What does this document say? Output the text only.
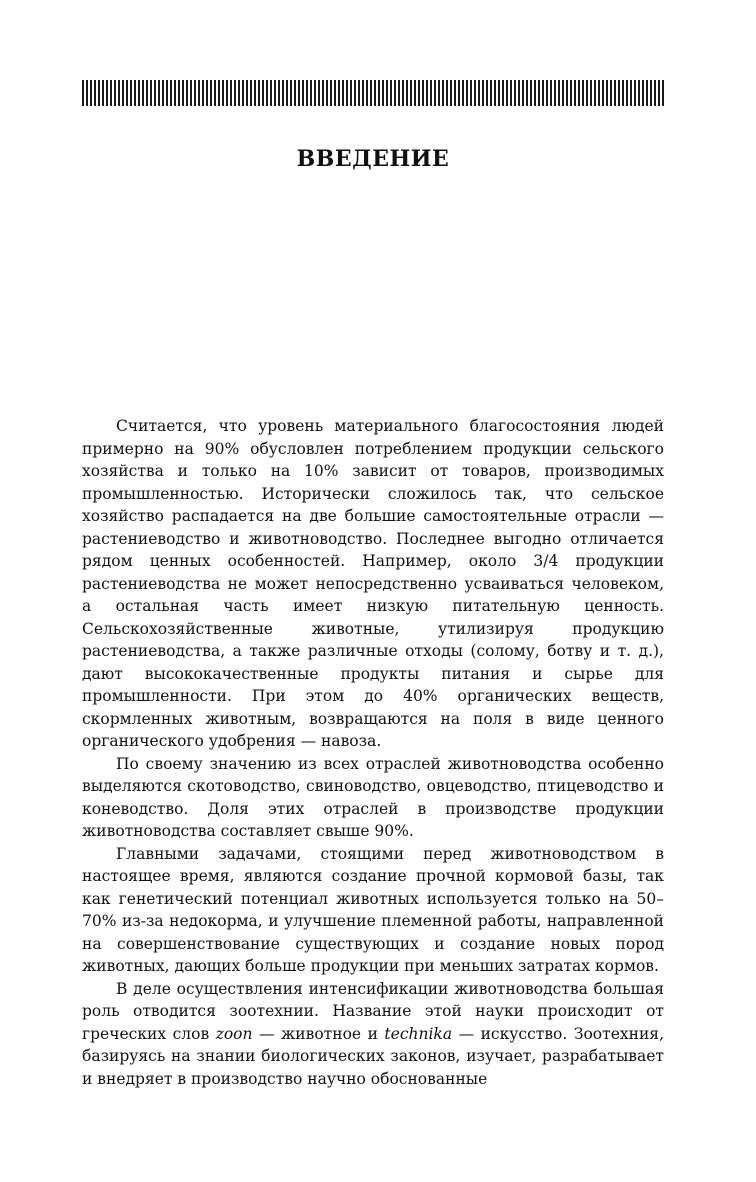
ВВЕДЕНИЕ

Считается, что уровень материального благосостояния людей примерно на 90% обусловлен потреблением продукции сельского хозяйства и только на 10% зависит от товаров, производимых промышленностью. Исторически сложилось так, что сельское хозяйство распадается на две большие самостоятельные отрасли — растениеводство и животноводство. Последнее выгодно отличается рядом ценных особенностей. Например, около 3/4 продукции растениеводства не может непосредственно усваиваться человеком, а остальная часть имеет низкую питательную ценность. Сельскохозяйственные животные, утилизируя продукцию растениеводства, а также различные отходы (солому, ботву и т. д.), дают высококачественные продукты питания и сырье для промышленности. При этом до 40% органических веществ, скормленных животным, возвращаются на поля в виде ценного органического удобрения — навоза.

По своему значению из всех отраслей животноводства особенно выделяются скотоводство, свиноводство, овцеводство, птицеводство и коневодство. Доля этих отраслей в производстве продукции животноводства составляет свыше 90%.

Главными задачами, стоящими перед животноводством в настоящее время, являются создание прочной кормовой базы, так как генетический потенциал животных используется только на 50–70% из-за недокорма, и улучшение племенной работы, направленной на совершенствование существующих и создание новых пород животных, дающих больше продукции при меньших затратах кормов.

В деле осуществления интенсификации животноводства большая роль отводится зоотехнии. Название этой науки происходит от греческих слов zoon — животное и technika — искусство. Зоотехния, базируясь на знании биологических законов, изучает, разрабатывает и внедряет в производство научно обоснованные
